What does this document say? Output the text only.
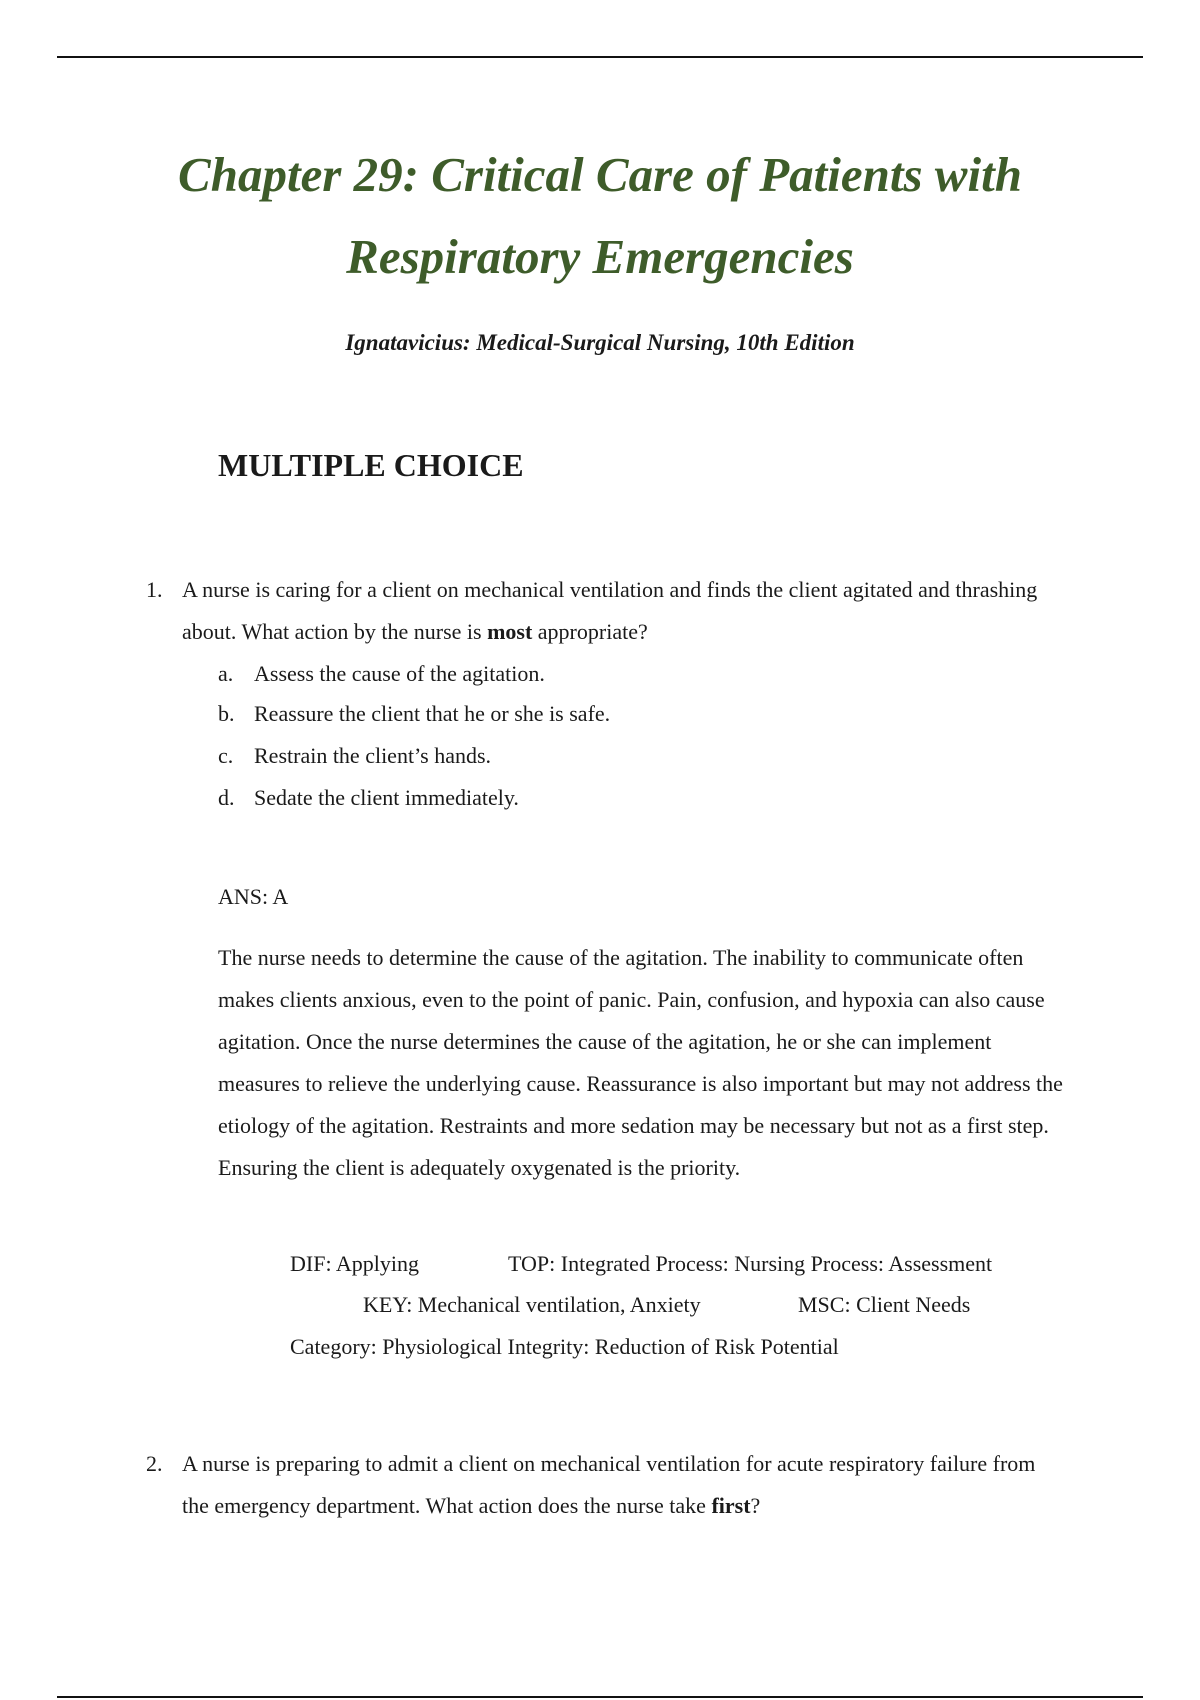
Chapter 29: Critical Care of Patients with
Respiratory Emergencies
Ignatavicius: Medical-Surgical Nursing, 10th Edition
MULTIPLE CHOICE
1. A nurse is caring for a client on mechanical ventilation and finds the client agitated and thrashing about. What action by the nurse is most appropriate?
a. Assess the cause of the agitation.
b. Reassure the client that he or she is safe.
c. Restrain the client’s hands.
d. Sedate the client immediately.
ANS: A
The nurse needs to determine the cause of the agitation. The inability to communicate often makes clients anxious, even to the point of panic. Pain, confusion, and hypoxia can also cause agitation. Once the nurse determines the cause of the agitation, he or she can implement measures to relieve the underlying cause. Reassurance is also important but may not address the etiology of the agitation. Restraints and more sedation may be necessary but not as a first step. Ensuring the client is adequately oxygenated is the priority.
DIF: Applying	TOP: Integrated Process: Nursing Process: Assessment
KEY: Mechanical ventilation, Anxiety	MSC: Client Needs
Category: Physiological Integrity: Reduction of Risk Potential
2. A nurse is preparing to admit a client on mechanical ventilation for acute respiratory failure from the emergency department. What action does the nurse take first?
